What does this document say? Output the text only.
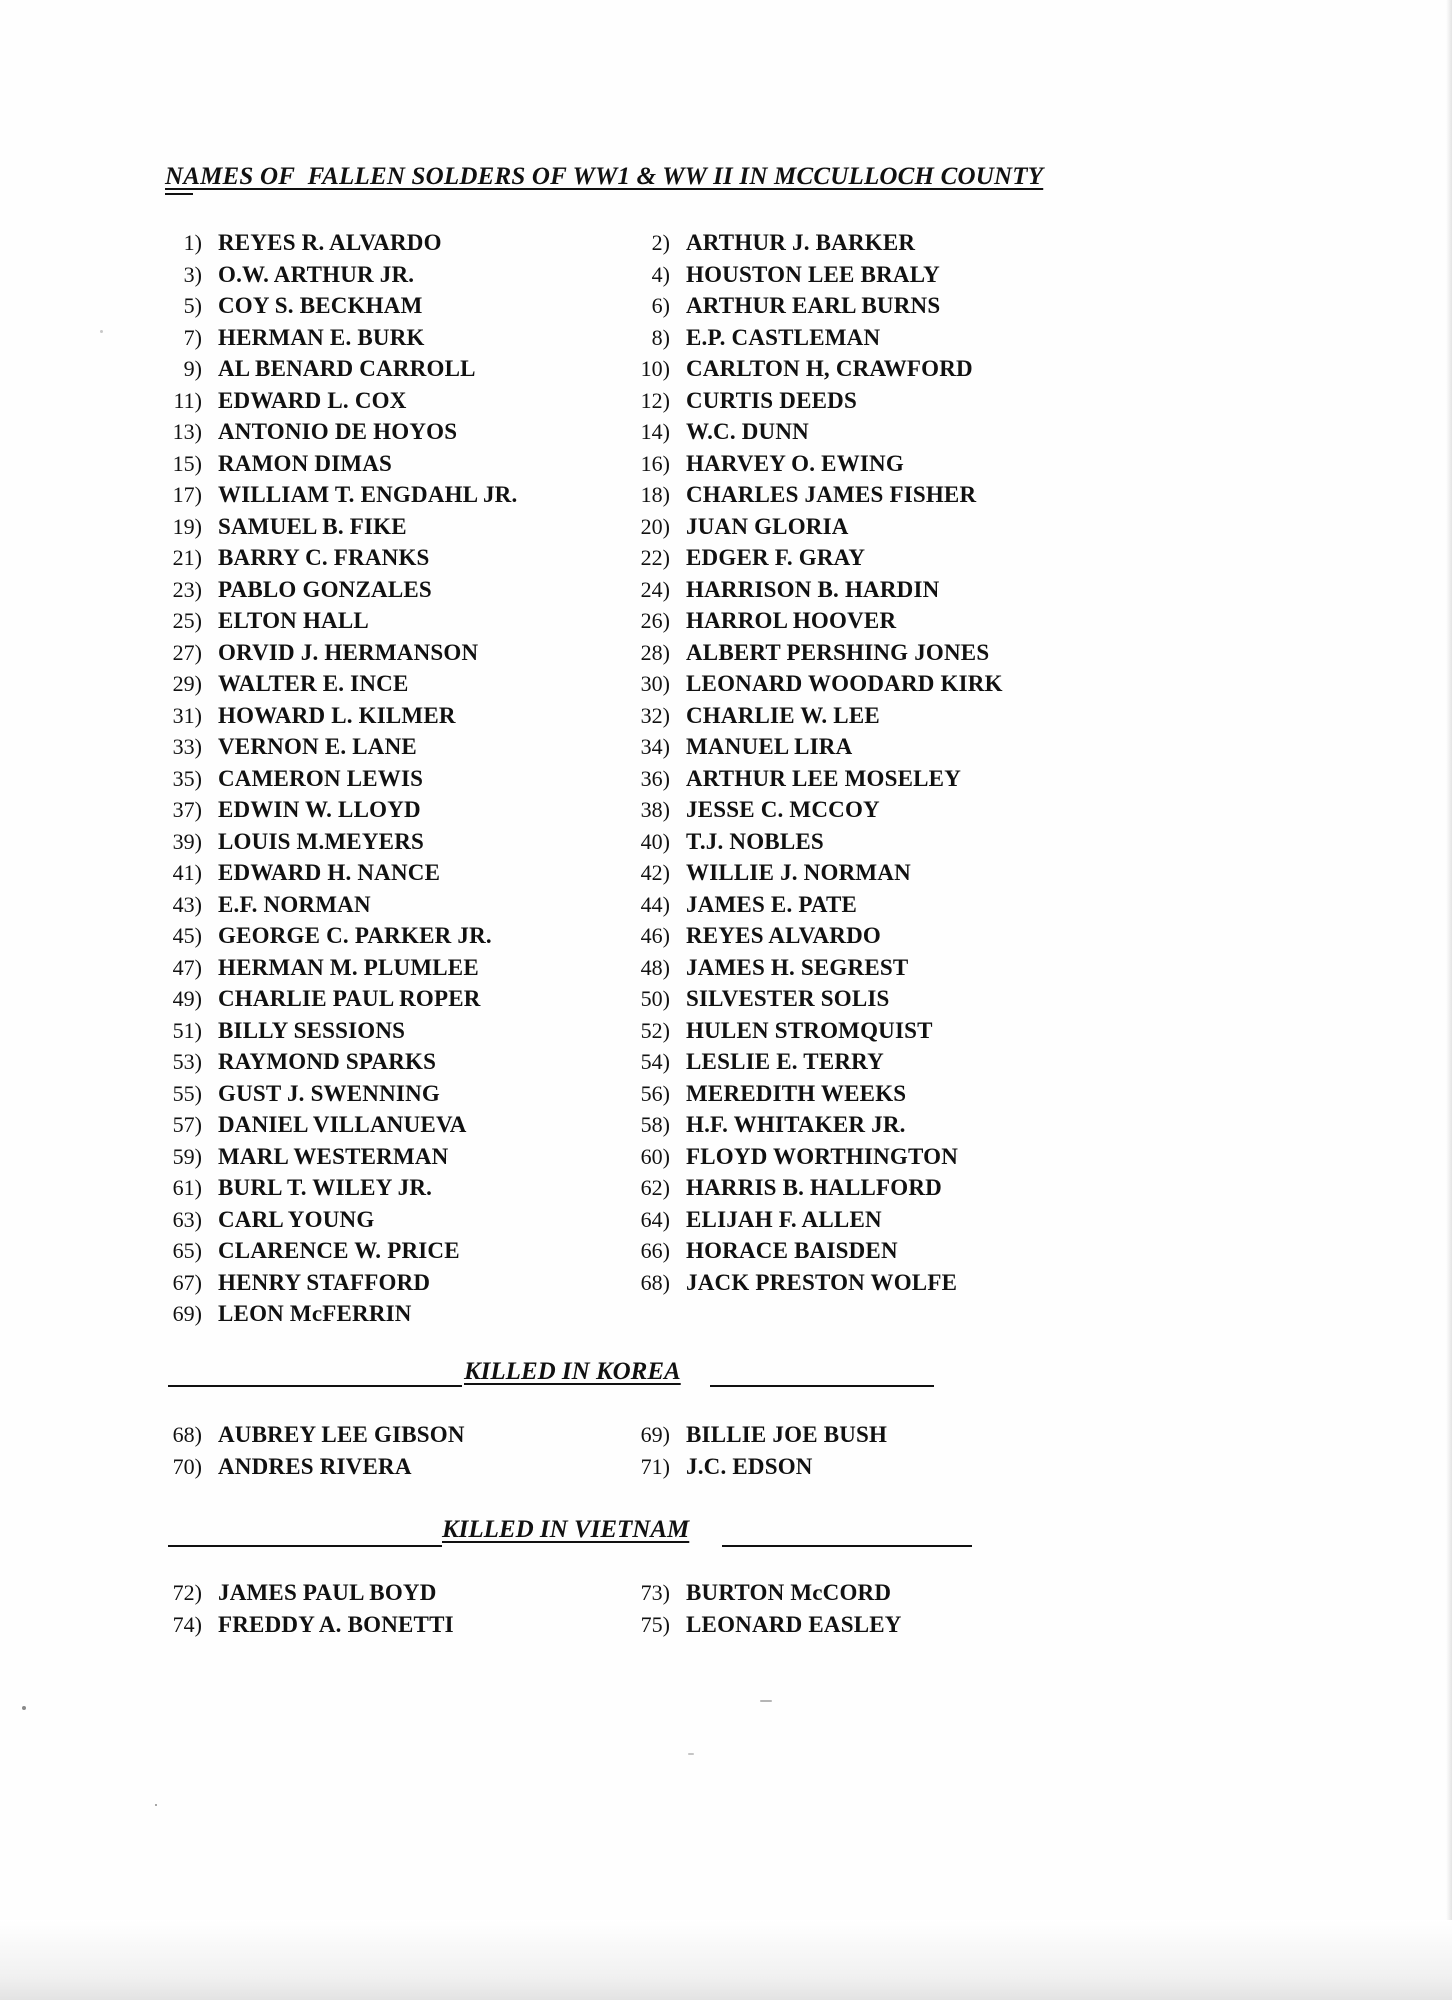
NAMES OF  FALLEN SOLDERS OF WW1 & WW II IN MCCULLOCH COUNTY
1) REYES R. ALVARDO	2) ARTHUR J. BARKER
3) O.W. ARTHUR JR.	4) HOUSTON LEE BRALY
5) COY S. BECKHAM	6) ARTHUR EARL BURNS
7) HERMAN E. BURK	8) E.P. CASTLEMAN
9) AL BENARD CARROLL	10) CARLTON H, CRAWFORD
11) EDWARD L. COX	12) CURTIS DEEDS
13) ANTONIO DE HOYOS	14) W.C. DUNN
15) RAMON DIMAS	16) HARVEY O. EWING
17) WILLIAM T. ENGDAHL JR.	18) CHARLES JAMES FISHER
19) SAMUEL B. FIKE	20) JUAN GLORIA
21) BARRY C. FRANKS	22) EDGER F. GRAY
23) PABLO GONZALES	24) HARRISON B. HARDIN
25) ELTON HALL	26) HARROL HOOVER
27) ORVID J. HERMANSON	28) ALBERT PERSHING JONES
29) WALTER E. INCE	30) LEONARD WOODARD KIRK
31) HOWARD L. KILMER	32) CHARLIE W. LEE
33) VERNON E. LANE	34) MANUEL LIRA
35) CAMERON LEWIS	36) ARTHUR LEE MOSELEY
37) EDWIN W. LLOYD	38) JESSE C. MCCOY
39) LOUIS M.MEYERS	40) T.J. NOBLES
41) EDWARD H. NANCE	42) WILLIE J. NORMAN
43) E.F. NORMAN	44) JAMES E. PATE
45) GEORGE C. PARKER JR.	46) REYES ALVARDO
47) HERMAN M. PLUMLEE	48) JAMES H. SEGREST
49) CHARLIE PAUL ROPER	50) SILVESTER SOLIS
51) BILLY SESSIONS	52) HULEN STROMQUIST
53) RAYMOND SPARKS	54) LESLIE E. TERRY
55) GUST J. SWENNING	56) MEREDITH WEEKS
57) DANIEL VILLANUEVA	58) H.F. WHITAKER JR.
59) MARL WESTERMAN	60) FLOYD WORTHINGTON
61) BURL T. WILEY JR.	62) HARRIS B. HALLFORD
63) CARL YOUNG	64) ELIJAH F. ALLEN
65) CLARENCE W. PRICE	66) HORACE BAISDEN
67) HENRY STAFFORD	68) JACK PRESTON WOLFE
69) LEON McFERRIN
KILLED IN KOREA
68) AUBREY LEE GIBSON	69) BILLIE JOE BUSH
70) ANDRES RIVERA	71) J.C. EDSON
KILLED IN VIETNAM
72) JAMES PAUL BOYD	73) BURTON McCORD
74) FREDDY A. BONETTI	75) LEONARD EASLEY
